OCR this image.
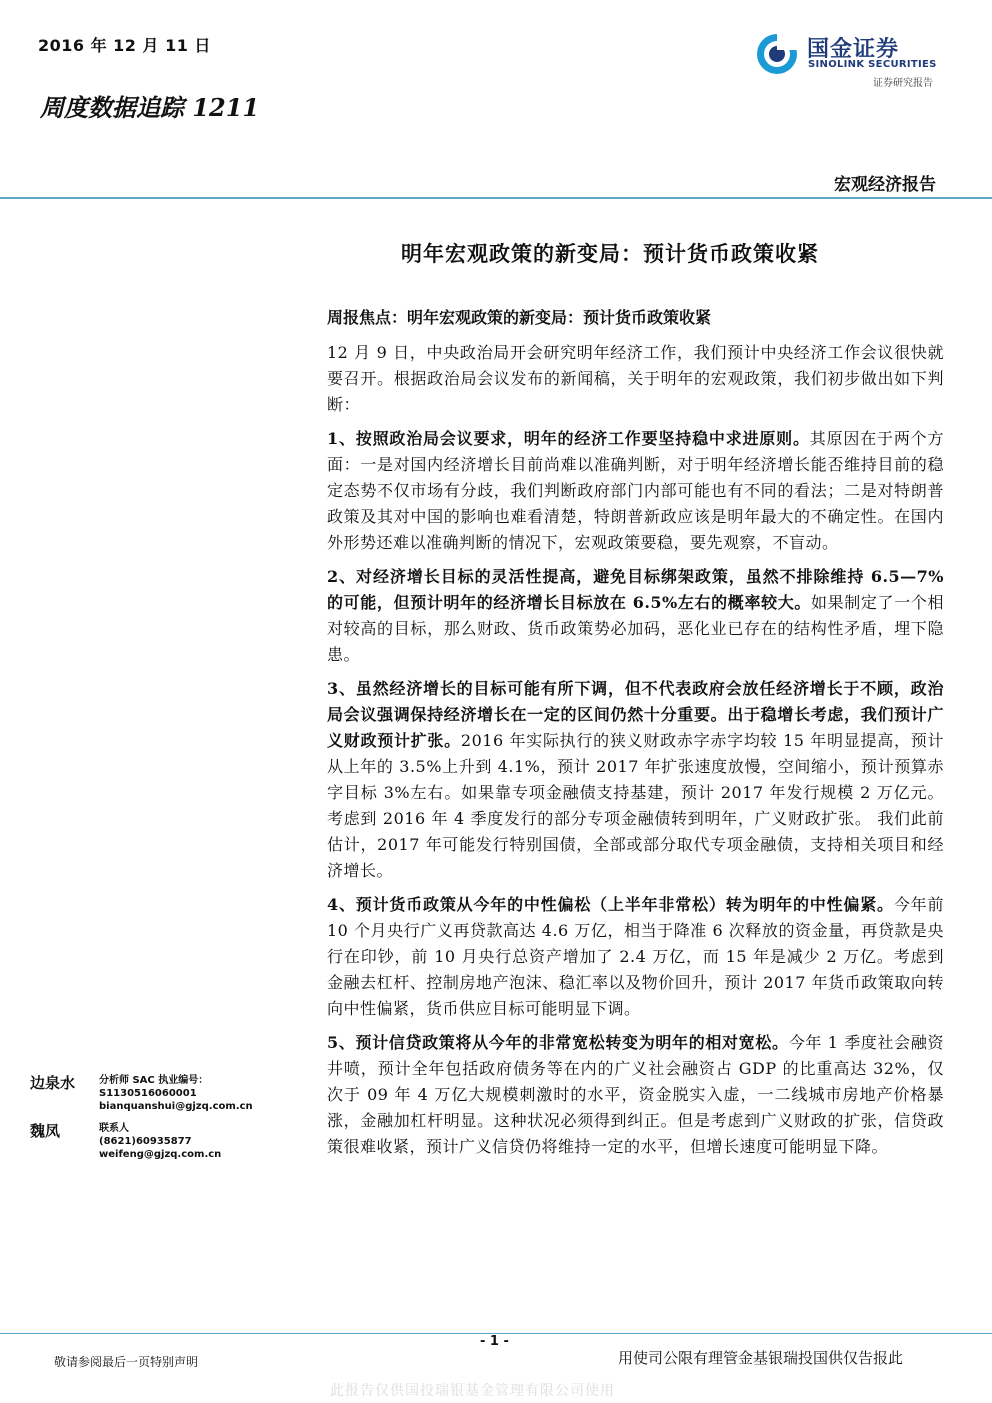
2016 年 12 月 11 日
周度数据追踪 1211
国金证券
SINOLINK SECURITIES
证券研究报告
宏观经济报告
明年宏观政策的新变局：预计货币政策收紧
周报焦点：明年宏观政策的新变局：预计货币政策收紧

12 月 9 日，中央政治局开会研究明年经济工作，我们预计中央经济工作会议很快就要召开。根据政治局会议发布的新闻稿，关于明年的宏观政策，我们初步做出如下判断：

1、按照政治局会议要求，明年的经济工作要坚持稳中求进原则。其原因在于两个方面：一是对国内经济增长目前尚难以准确判断，对于明年经济增长能否维持目前的稳定态势不仅市场有分歧，我们判断政府部门内部可能也有不同的看法；二是对特朗普政策及其对中国的影响也难看清楚，特朗普新政应该是明年最大的不确定性。在国内外形势还难以准确判断的情况下，宏观政策要稳，要先观察，不盲动。

2、对经济增长目标的灵活性提高，避免目标绑架政策，虽然不排除维持 6.5—7%的可能，但预计明年的经济增长目标放在 6.5%左右的概率较大。如果制定了一个相对较高的目标，那么财政、货币政策势必加码，恶化业已存在的结构性矛盾，埋下隐患。

3、虽然经济增长的目标可能有所下调，但不代表政府会放任经济增长于不顾，政治局会议强调保持经济增长在一定的区间仍然十分重要。出于稳增长考虑，我们预计广义财政预计扩张。2016 年实际执行的狭义财政赤字赤字均较 15 年明显提高，预计从上年的 3.5%上升到 4.1%，预计 2017 年扩张速度放慢，空间缩小，预计预算赤字目标 3%左右。如果靠专项金融债支持基建，预计 2017 年发行规模 2 万亿元。考虑到 2016 年 4 季度发行的部分专项金融债转到明年，广义财政扩张。 我们此前估计，2017 年可能发行特别国债，全部或部分取代专项金融债，支持相关项目和经济增长。

4、预计货币政策从今年的中性偏松（上半年非常松）转为明年的中性偏紧。今年前 10 个月央行广义再贷款高达 4.6 万亿，相当于降准 6 次释放的资金量，再贷款是央行在印钞，前 10 月央行总资产增加了 2.4 万亿，而 15 年是减少 2 万亿。考虑到金融去杠杆、控制房地产泡沫、稳汇率以及物价回升，预计 2017 年货币政策取向转向中性偏紧，货币供应目标可能明显下调。

5、预计信贷政策将从今年的非常宽松转变为明年的相对宽松。今年 1 季度社会融资井喷，预计全年包括政府债务等在内的广义社会融资占 GDP 的比重高达 32%，仅次于 09 年 4 万亿大规模刺激时的水平，资金脱实入虚，一二线城市房地产价格暴涨，金融加杠杆明显。这种状况必须得到纠正。但是考虑到广义财政的扩张，信贷政策很难收紧，预计广义信贷仍将维持一定的水平，但增长速度可能明显下降。

边泉水 分析师 SAC 执业编号：S1130516060001
bianquanshui@gjzq.com.cn
魏凤	联系人
(8621)60935877
weifeng@gjzq.com.cn
- 1 -
敬请参阅最后一页特别声明	用使司公限有理管金基银瑞投国供仅告报此
此报告仅供国投瑞银基金管理有限公司使用
